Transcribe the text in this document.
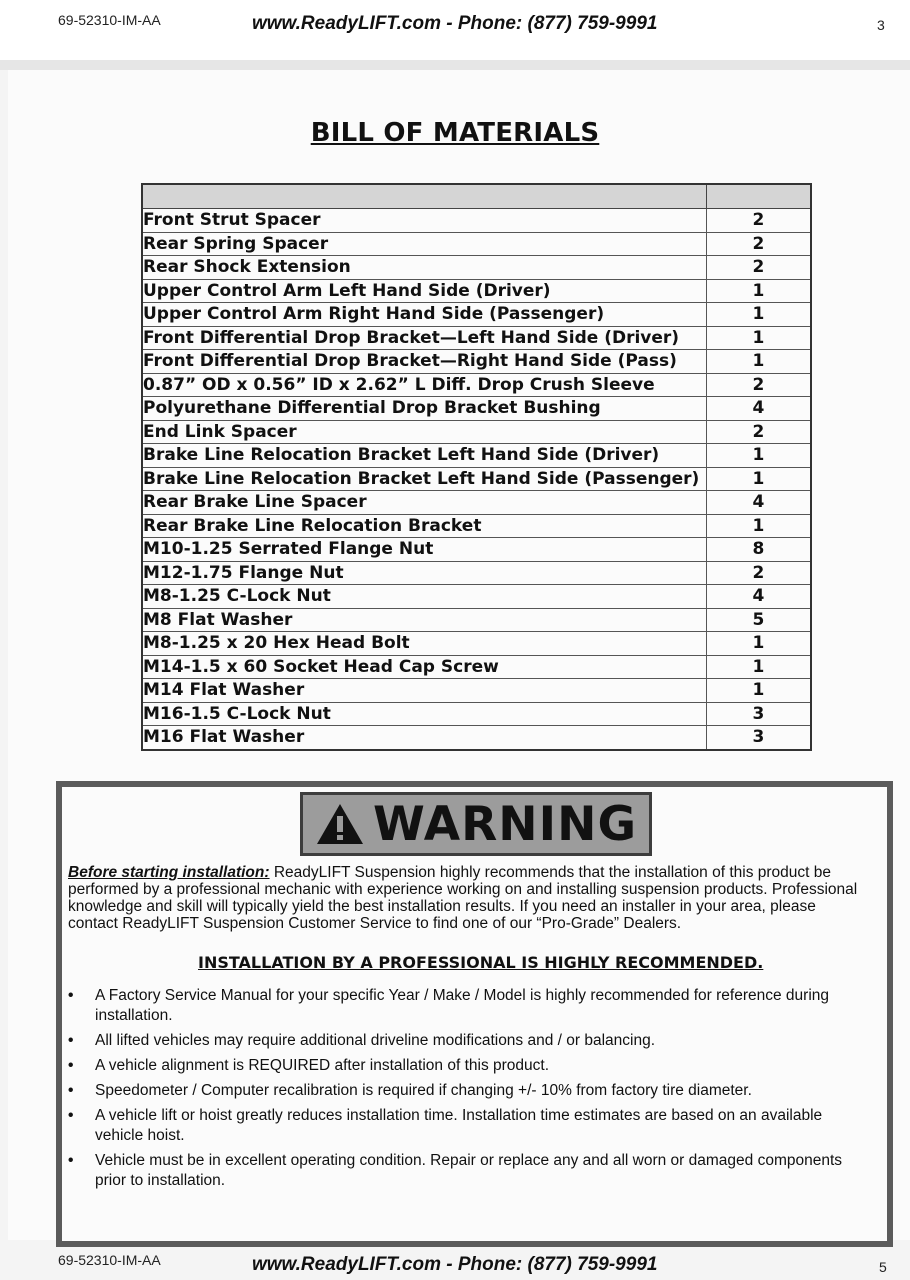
69-52310-IM-AA	www.ReadyLIFT.com - Phone: (877) 759-9991	3
BILL OF MATERIALS

Front Strut Spacer	2
Rear Spring Spacer	2
Rear Shock Extension	2
Upper Control Arm Left Hand Side (Driver)	1
Upper Control Arm Right Hand Side (Passenger)	1
Front Differential Drop Bracket—Left Hand Side (Driver)	1
Front Differential Drop Bracket—Right Hand Side (Pass)	1
0.87” OD x 0.56” ID x 2.62” L Diff. Drop Crush Sleeve	2
Polyurethane Differential Drop Bracket Bushing	4
End Link Spacer	2
Brake Line Relocation Bracket Left Hand Side (Driver)	1
Brake Line Relocation Bracket Left Hand Side (Passenger)	1
Rear Brake Line Spacer	4
Rear Brake Line Relocation Bracket	1
M10-1.25 Serrated Flange Nut	8
M12-1.75 Flange Nut	2
M8-1.25 C-Lock Nut	4
M8 Flat Washer	5
M8-1.25 x 20 Hex Head Bolt	1
M14-1.5 x 60 Socket Head Cap Screw	1
M14 Flat Washer	1
M16-1.5 C-Lock Nut	3
M16 Flat Washer	3
WARNING
Before starting installation: ReadyLIFT Suspension highly recommends that the installation of this product be performed by a professional mechanic with experience working on and installing suspension products. Professional knowledge and skill will typically yield the best installation results. If you need an installer in your area, please contact ReadyLIFT Suspension Customer Service to find one of our “Pro-Grade” Dealers.
INSTALLATION BY A PROFESSIONAL IS HIGHLY RECOMMENDED.
• A Factory Service Manual for your specific Year / Make / Model is highly recommended for reference during installation.
• All lifted vehicles may require additional driveline modifications and / or balancing.
• A vehicle alignment is REQUIRED after installation of this product.
• Speedometer / Computer recalibration is required if changing +/- 10% from factory tire diameter.
• A vehicle lift or hoist greatly reduces installation time. Installation time estimates are based on an available vehicle hoist.
• Vehicle must be in excellent operating condition. Repair or replace any and all worn or damaged components prior to installation.
69-52310-IM-AA	www.ReadyLIFT.com - Phone: (877) 759-9991	5
